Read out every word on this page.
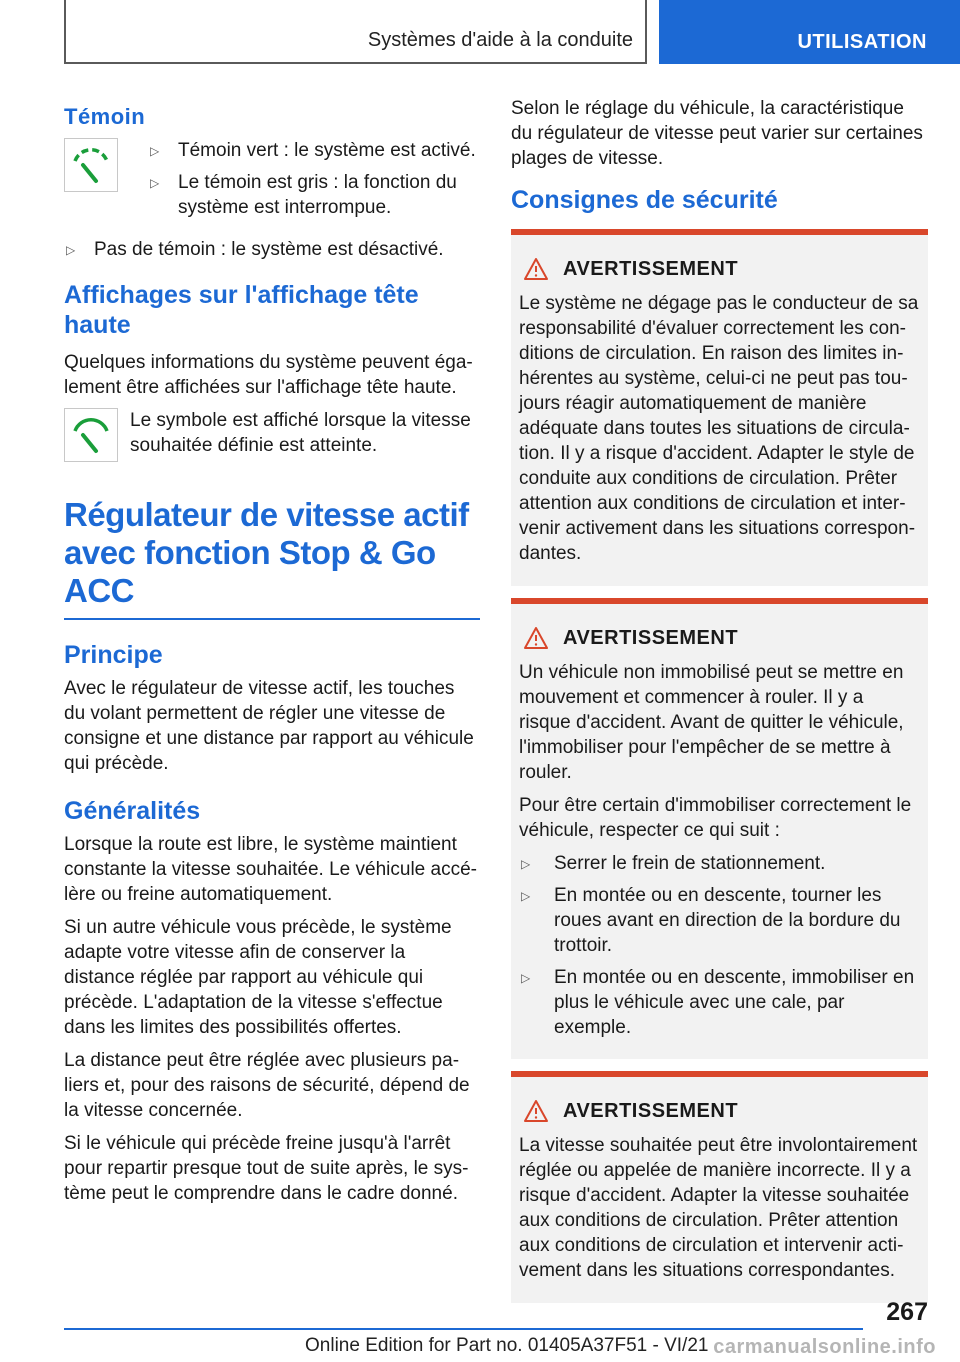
Systèmes d'aide à la conduite	UTILISATION
Témoin
▷ Témoin vert : le système est activé.
▷ Le témoin est gris : la fonction du système est interrompue.
▷ Pas de témoin : le système est désactivé.
Affichages sur l'affichage tête haute

Quelques informations du système peuvent également être affichées sur l'affichage tête haute.

Le symbole est affiché lorsque la vitesse souhaitée définie est atteinte.

Régulateur de vitesse actif avec fonction Stop & Go ACC
Principe

Avec le régulateur de vitesse actif, les touches du volant permettent de régler une vitesse de consigne et une distance par rapport au véhicule qui précède.

Généralités

Lorsque la route est libre, le système maintient constante la vitesse souhaitée. Le véhicule accélère ou freine automatiquement.

Si un autre véhicule vous précède, le système adapte votre vitesse afin de conserver la distance réglée par rapport au véhicule qui précède. L'adaptation de la vitesse s'effectue dans les limites des possibilités offertes.

La distance peut être réglée avec plusieurs paliers et, pour des raisons de sécurité, dépend de la vitesse concernée.

Si le véhicule qui précède freine jusqu'à l'arrêt pour repartir presque tout de suite après, le système peut le comprendre dans le cadre donné.

Selon le réglage du véhicule, la caractéristique du régulateur de vitesse peut varier sur certaines plages de vitesse.

Consignes de sécurité
AVERTISSEMENT

Le système ne dégage pas le conducteur de sa responsabilité d'évaluer correctement les conditions de circulation. En raison des limites inhérentes au système, celui-ci ne peut pas toujours réagir automatiquement de manière adéquate dans toutes les situations de circulation. Il y a risque d'accident. Adapter le style de conduite aux conditions de circulation. Prêter attention aux conditions de circulation et intervenir activement dans les situations correspondantes.

AVERTISSEMENT

Un véhicule non immobilisé peut se mettre en mouvement et commencer à rouler. Il y a risque d'accident. Avant de quitter le véhicule, l'immobiliser pour l'empêcher de se mettre à rouler.

Pour être certain d'immobiliser correctement le véhicule, respecter ce qui suit :

▷ Serrer le frein de stationnement.
▷ En montée ou en descente, tourner les roues avant en direction de la bordure du trottoir.
▷ En montée ou en descente, immobiliser en plus le véhicule avec une cale, par exemple.
AVERTISSEMENT

La vitesse souhaitée peut être involontairement réglée ou appelée de manière incorrecte. Il y a risque d'accident. Adapter la vitesse souhaitée aux conditions de circulation. Prêter attention aux conditions de circulation et intervenir activement dans les situations correspondantes.

267
Online Edition for Part no. 01405A37F51 - VI/21 carmanualsonline.info
